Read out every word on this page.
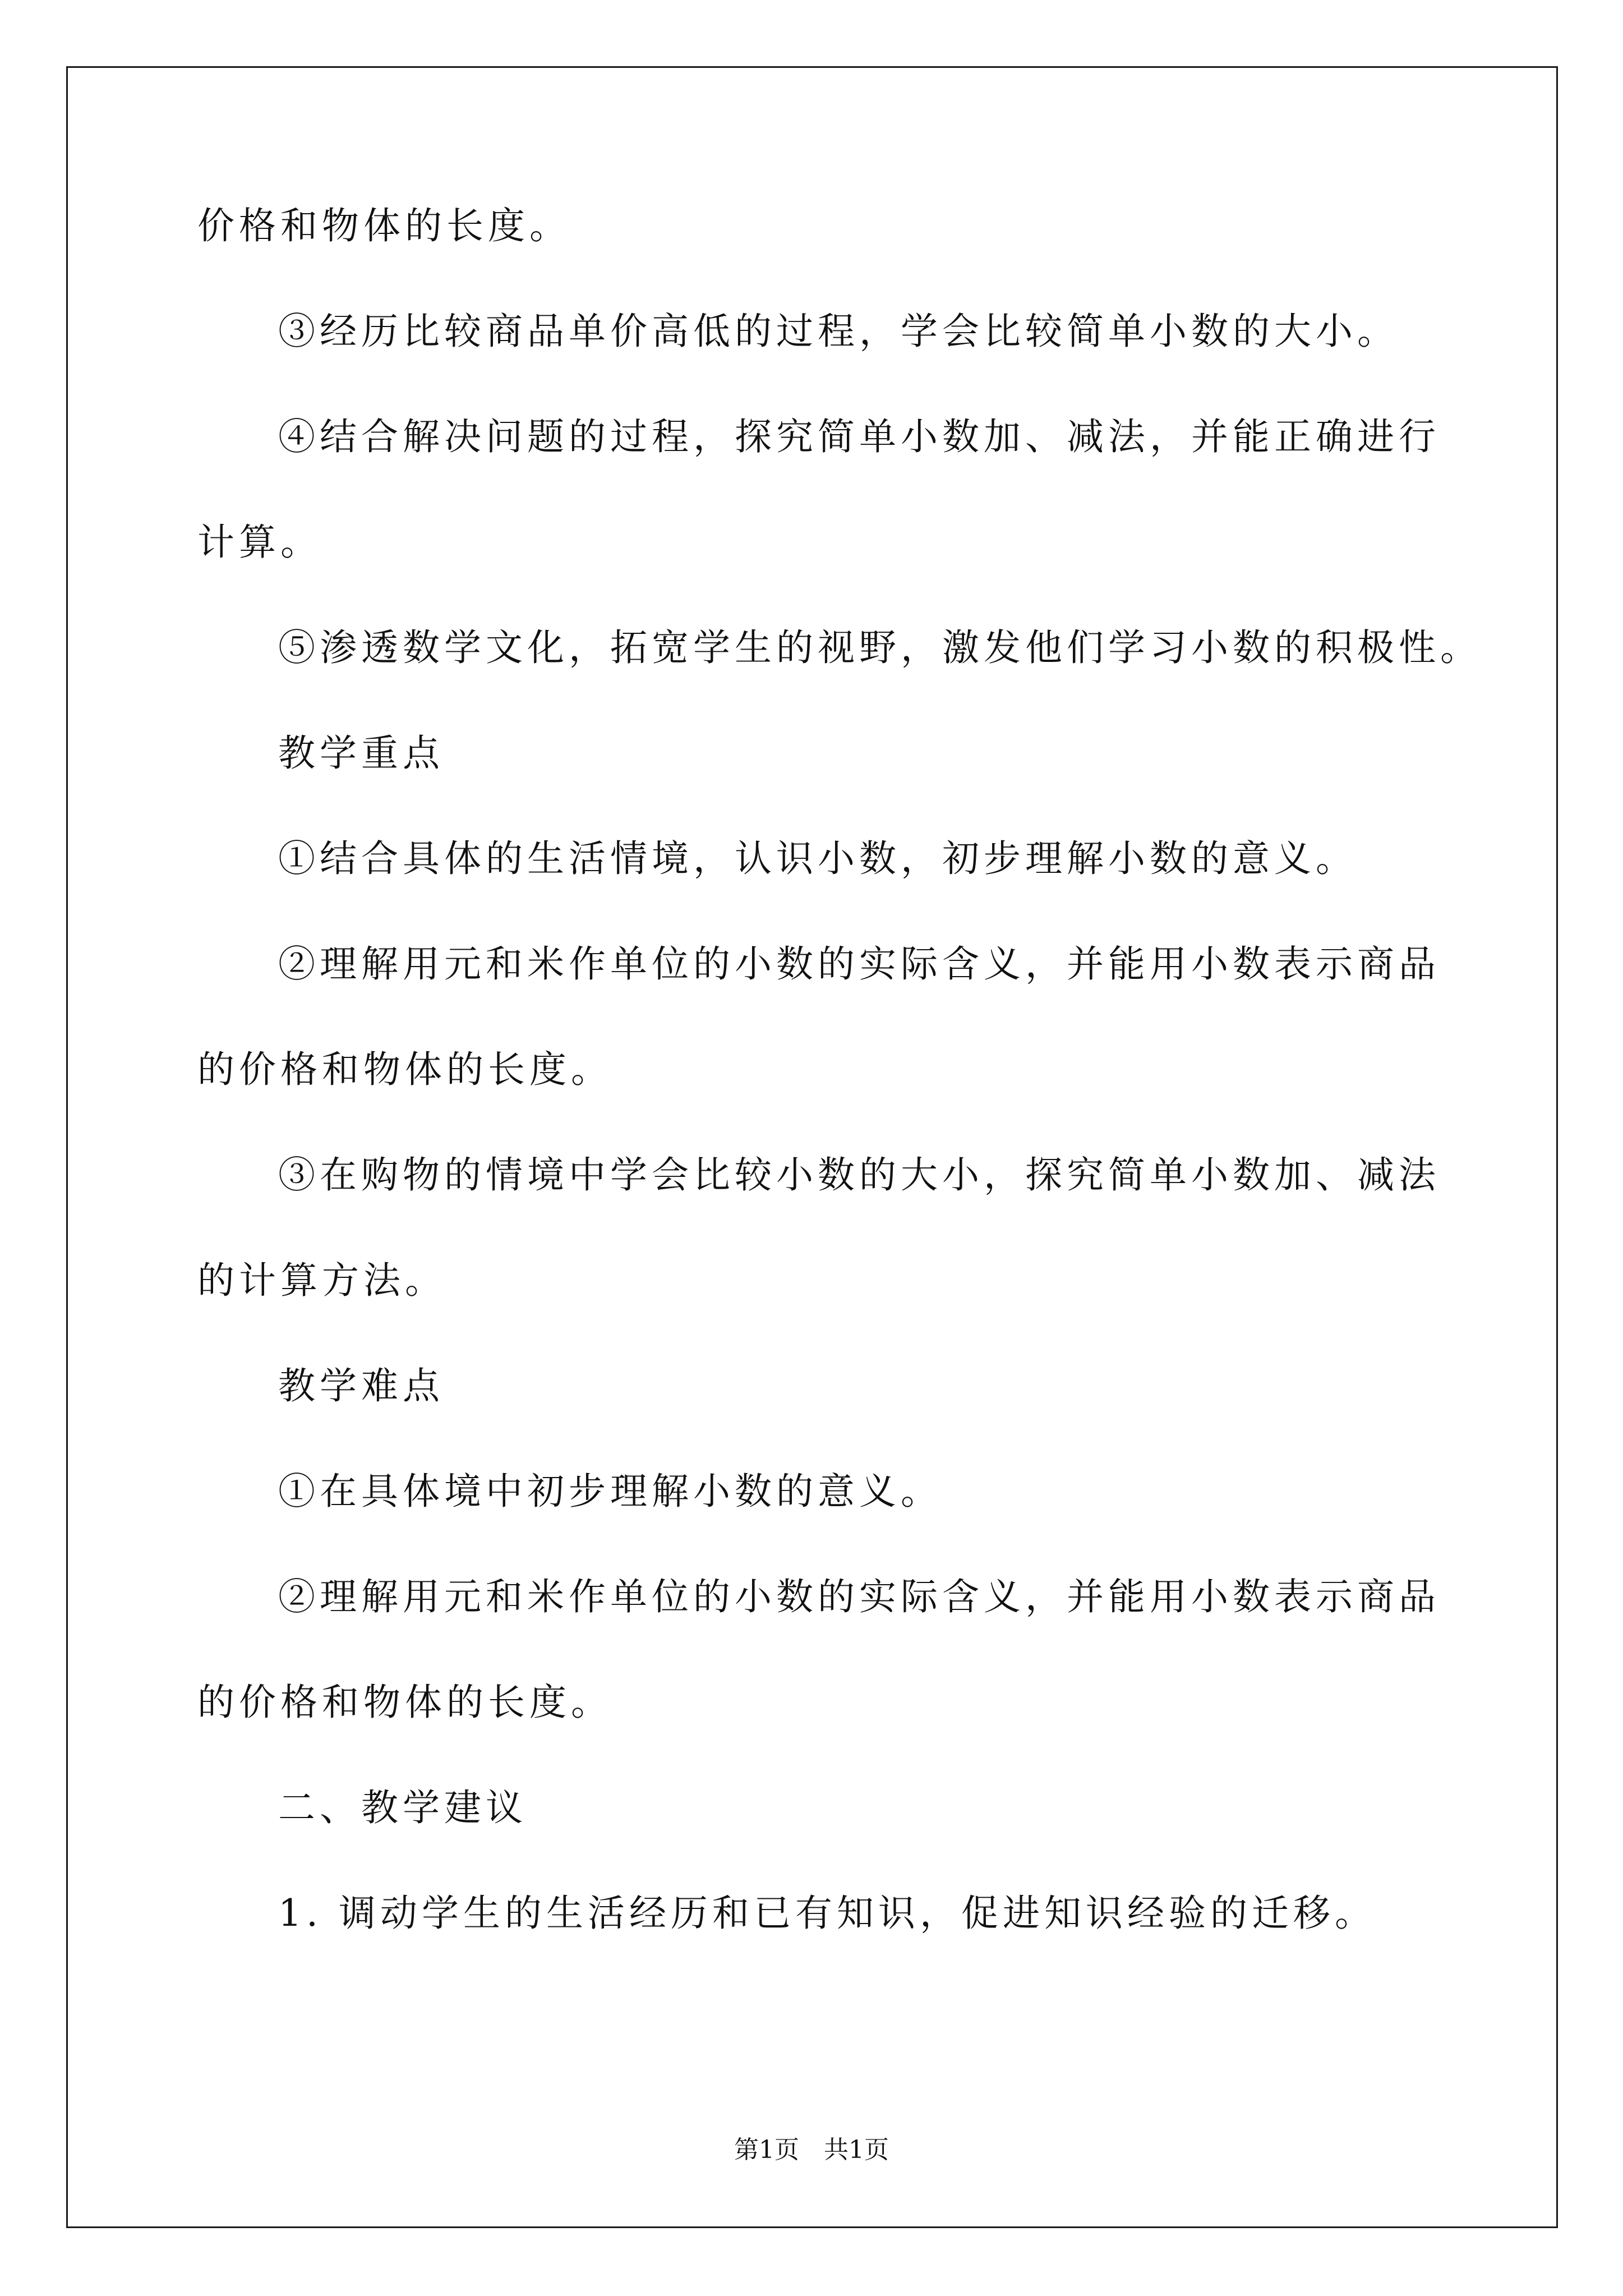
价格和物体的长度。
③经历比较商品单价高低的过程，学会比较简单小数的大小。
④结合解决问题的过程，探究简单小数加、减法，并能正确进行
计算。
⑤渗透数学文化，拓宽学生的视野，激发他们学习小数的积极性。
教学重点
①结合具体的生活情境，认识小数，初步理解小数的意义。
②理解用元和米作单位的小数的实际含义，并能用小数表示商品
的价格和物体的长度。
③在购物的情境中学会比较小数的大小，探究简单小数加、减法
的计算方法。
教学难点
①在具体境中初步理解小数的意义。
②理解用元和米作单位的小数的实际含义，并能用小数表示商品
的价格和物体的长度。
二、教学建议
1. 调动学生的生活经历和已有知识，促进知识经验的迁移。
第1页　共1页
